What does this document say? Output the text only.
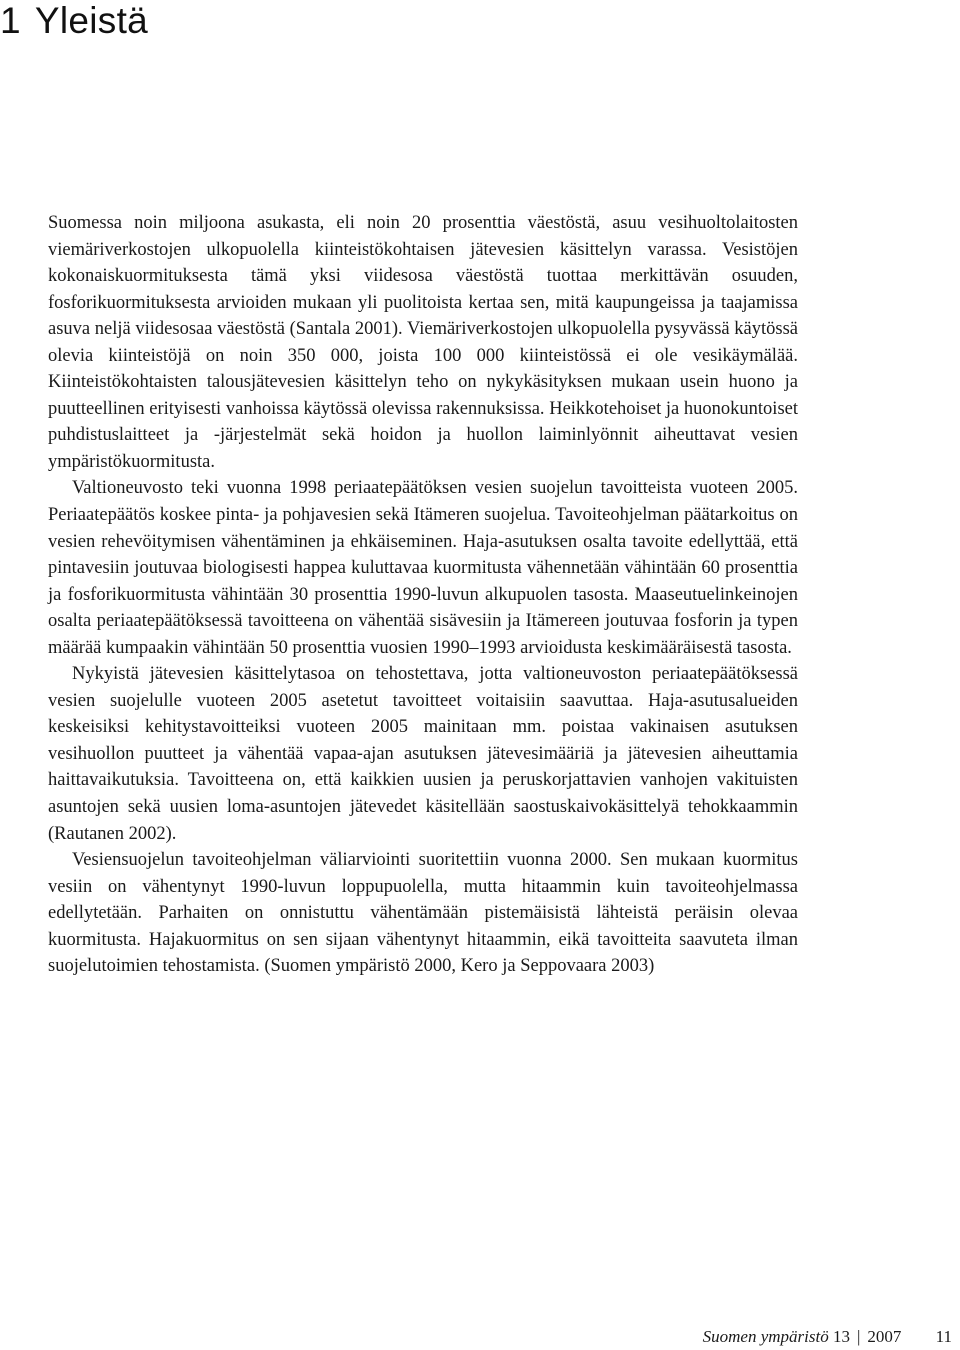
1 Yleistä

Suomessa noin miljoona asukasta, eli noin 20 prosenttia väestöstä, asuu vesihuoltolaitosten viemäriverkostojen ulkopuolella kiinteistökohtaisen jätevesien käsittelyn varassa. Vesistöjen kokonaiskuormituksesta tämä yksi viidesosa väestöstä tuottaa merkittävän osuuden, fosforikuormituksesta arvioiden mukaan yli puolitoista kertaa sen, mitä kaupungeissa ja taajamissa asuva neljä viidesosaa väestöstä (Santala 2001). Viemäriverkostojen ulkopuolella pysyvässä käytössä olevia kiinteistöjä on noin 350 000, joista 100 000 kiinteistössä ei ole vesikäymälää. Kiinteistökohtaisten talousjätevesien käsittelyn teho on nykykäsityksen mukaan usein huono ja puutteellinen erityisesti vanhoissa käytössä olevissa rakennuksissa. Heikkotehoiset ja huonokuntoiset puhdistuslaitteet ja -järjestelmät sekä hoidon ja huollon laiminlyönnit aiheuttavat vesien ympäristökuormitusta.

Valtioneuvosto teki vuonna 1998 periaatepäätöksen vesien suojelun tavoitteista vuoteen 2005. Periaatepäätös koskee pinta- ja pohjavesien sekä Itämeren suojelua. Tavoiteohjelman päätarkoitus on vesien rehevöitymisen vähentäminen ja ehkäiseminen. Haja-asutuksen osalta tavoite edellyttää, että pintavesiin joutuvaa biologisesti happea kuluttavaa kuormitusta vähennetään vähintään 60 prosenttia ja fosforikuormitusta vähintään 30 prosenttia 1990-luvun alkupuolen tasosta. Maaseutuelinkeinojen osalta periaatepäätöksessä tavoitteena on vähentää sisävesiin ja Itämereen joutuvaa fosforin ja typen määrää kumpaakin vähintään 50 prosenttia vuosien 1990–1993 arvioidusta keskimääräisestä tasosta.

Nykyistä jätevesien käsittelytasoa on tehostettava, jotta valtioneuvoston periaatepäätöksessä vesien suojelulle vuoteen 2005 asetetut tavoitteet voitaisiin saavuttaa. Haja-asutusalueiden keskeisiksi kehitystavoitteiksi vuoteen 2005 mainitaan mm. poistaa vakinaisen asutuksen vesihuollon puutteet ja vähentää vapaa-ajan asutuksen jätevesimääriä ja jätevesien aiheuttamia haittavaikutuksia. Tavoitteena on, että kaikkien uusien ja peruskorjattavien vanhojen vakituisten asuntojen sekä uusien loma-asuntojen jätevedet käsitellään saostuskaivokäsittelyä tehokkaammin (Rautanen 2002).

Vesiensuojelun tavoiteohjelman väliarviointi suoritettiin vuonna 2000. Sen mukaan kuormitus vesiin on vähentynyt 1990-luvun loppupuolella, mutta hitaammin kuin tavoiteohjelmassa edellytetään. Parhaiten on onnistuttu vähentämään pistemäisistä lähteistä peräisin olevaa kuormitusta. Hajakuormitus on sen sijaan vähentynyt hitaammin, eikä tavoitteita saavuteta ilman suojelutoimien tehostamista. (Suomen ympäristö 2000, Kero ja Seppovaara 2003)

Suomen ympäristö 13 | 2007 11
